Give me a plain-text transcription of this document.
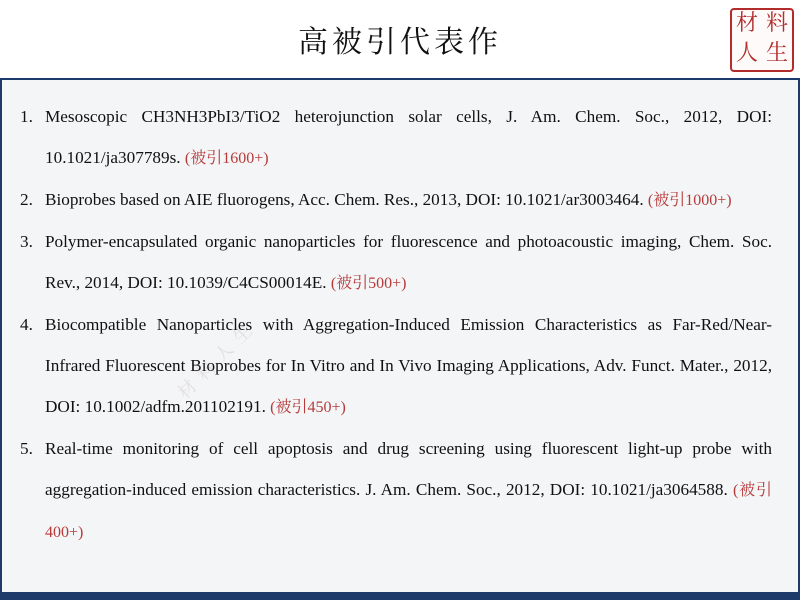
高被引代表作
材 料
人 生
1. Mesoscopic CH3NH3PbI3/TiO2 heterojunction solar cells, J. Am. Chem. Soc., 2012, DOI: 10.1021/ja307789s. (被引1600+)
2. Bioprobes based on AIE fluorogens, Acc. Chem. Res., 2013, DOI: 10.1021/ar3003464. (被引1000+)
3. Polymer-encapsulated organic nanoparticles for fluorescence and photoacoustic imaging, Chem. Soc. Rev., 2014, DOI: 10.1039/C4CS00014E. (被引500+)
4. Biocompatible Nanoparticles with Aggregation-Induced Emission Characteristics as Far-Red/Near-Infrared Fluorescent Bioprobes for In Vitro and In Vivo Imaging Applications, Adv. Funct. Mater., 2012, DOI: 10.1002/adfm.201102191. (被引450+)
5. Real-time monitoring of cell apoptosis and drug screening using fluorescent light-up probe with aggregation-induced emission characteristics. J. Am. Chem. Soc., 2012, DOI: 10.1021/ja3064588. (被引400+)
材料人生
